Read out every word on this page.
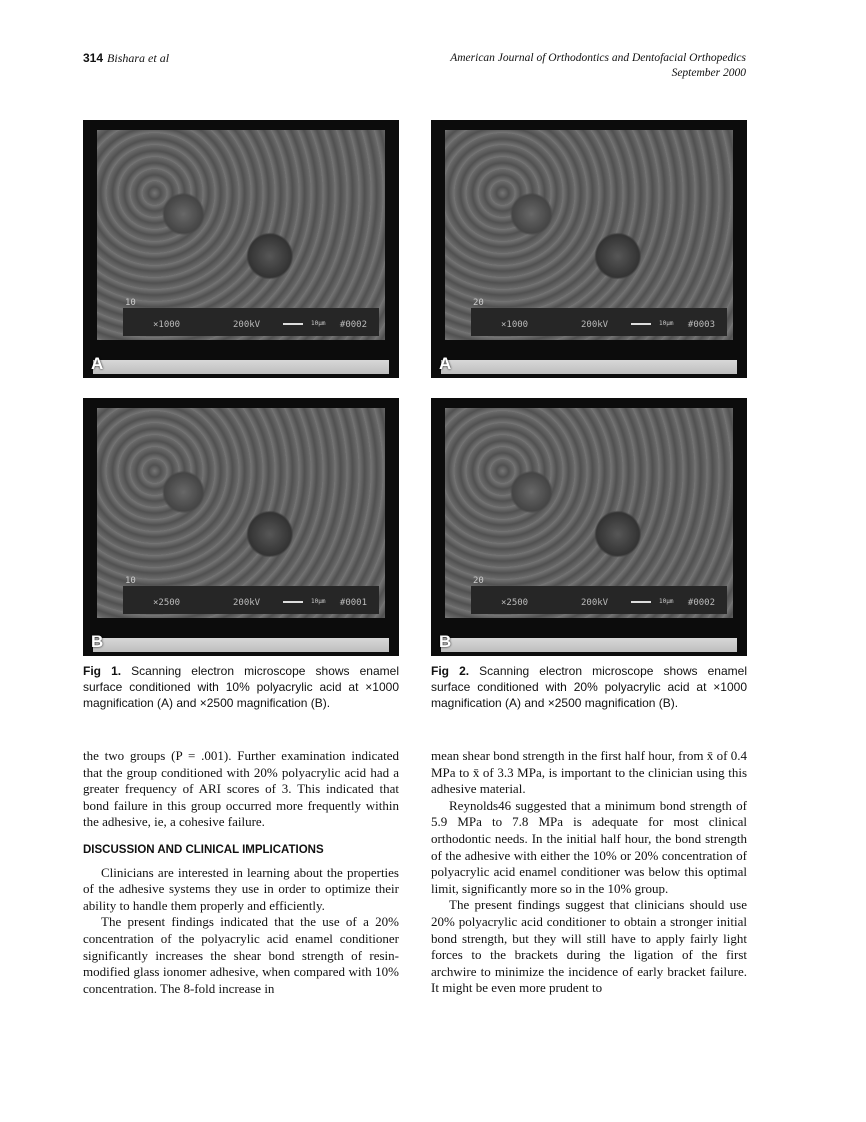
314 Bishara et al	American Journal of Orthodontics and Dentofacial Orthopedics
September 2000
10
10μm
×1000	200kV	#0002
A
20
10μm
×1000	200kV	#0003
A
10
10μm
×2500	200kV	#0001
B
20
10μm
×2500	200kV	#0002
B
Fig 1. Scanning electron microscope shows enamel surface conditioned with 10% polyacrylic acid at ×1000 magnification (A) and ×2500 magnification (B).
Fig 2. Scanning electron microscope shows enamel surface conditioned with 20% polyacrylic acid at ×1000 magnification (A) and ×2500 magnification (B).

the two groups (P = .001). Further examination indicated that the group conditioned with 20% polyacrylic acid had a greater frequency of ARI scores of 3. This indicated that bond failure in this group occurred more frequently within the adhesive, ie, a cohesive failure.

DISCUSSION AND CLINICAL IMPLICATIONS

Clinicians are interested in learning about the properties of the adhesive systems they use in order to optimize their ability to handle them properly and efficiently.

The present findings indicated that the use of a 20% concentration of the polyacrylic acid enamel conditioner significantly increases the shear bond strength of resin-modified glass ionomer adhesive, when compared with 10% concentration. The 8-fold increase in

mean shear bond strength in the first half hour, from x̄ of 0.4 MPa to x̄ of 3.3 MPa, is important to the clinician using this adhesive material.

Reynolds46 suggested that a minimum bond strength of 5.9 MPa to 7.8 MPa is adequate for most clinical orthodontic needs. In the initial half hour, the bond strength of the adhesive with either the 10% or 20% concentration of polyacrylic acid enamel conditioner was below this optimal limit, significantly more so in the 10% group.

The present findings suggest that clinicians should use 20% polyacrylic acid conditioner to obtain a stronger initial bond strength, but they will still have to apply fairly light forces to the brackets during the ligation of the first archwire to minimize the incidence of early bracket failure. It might be even more prudent to
